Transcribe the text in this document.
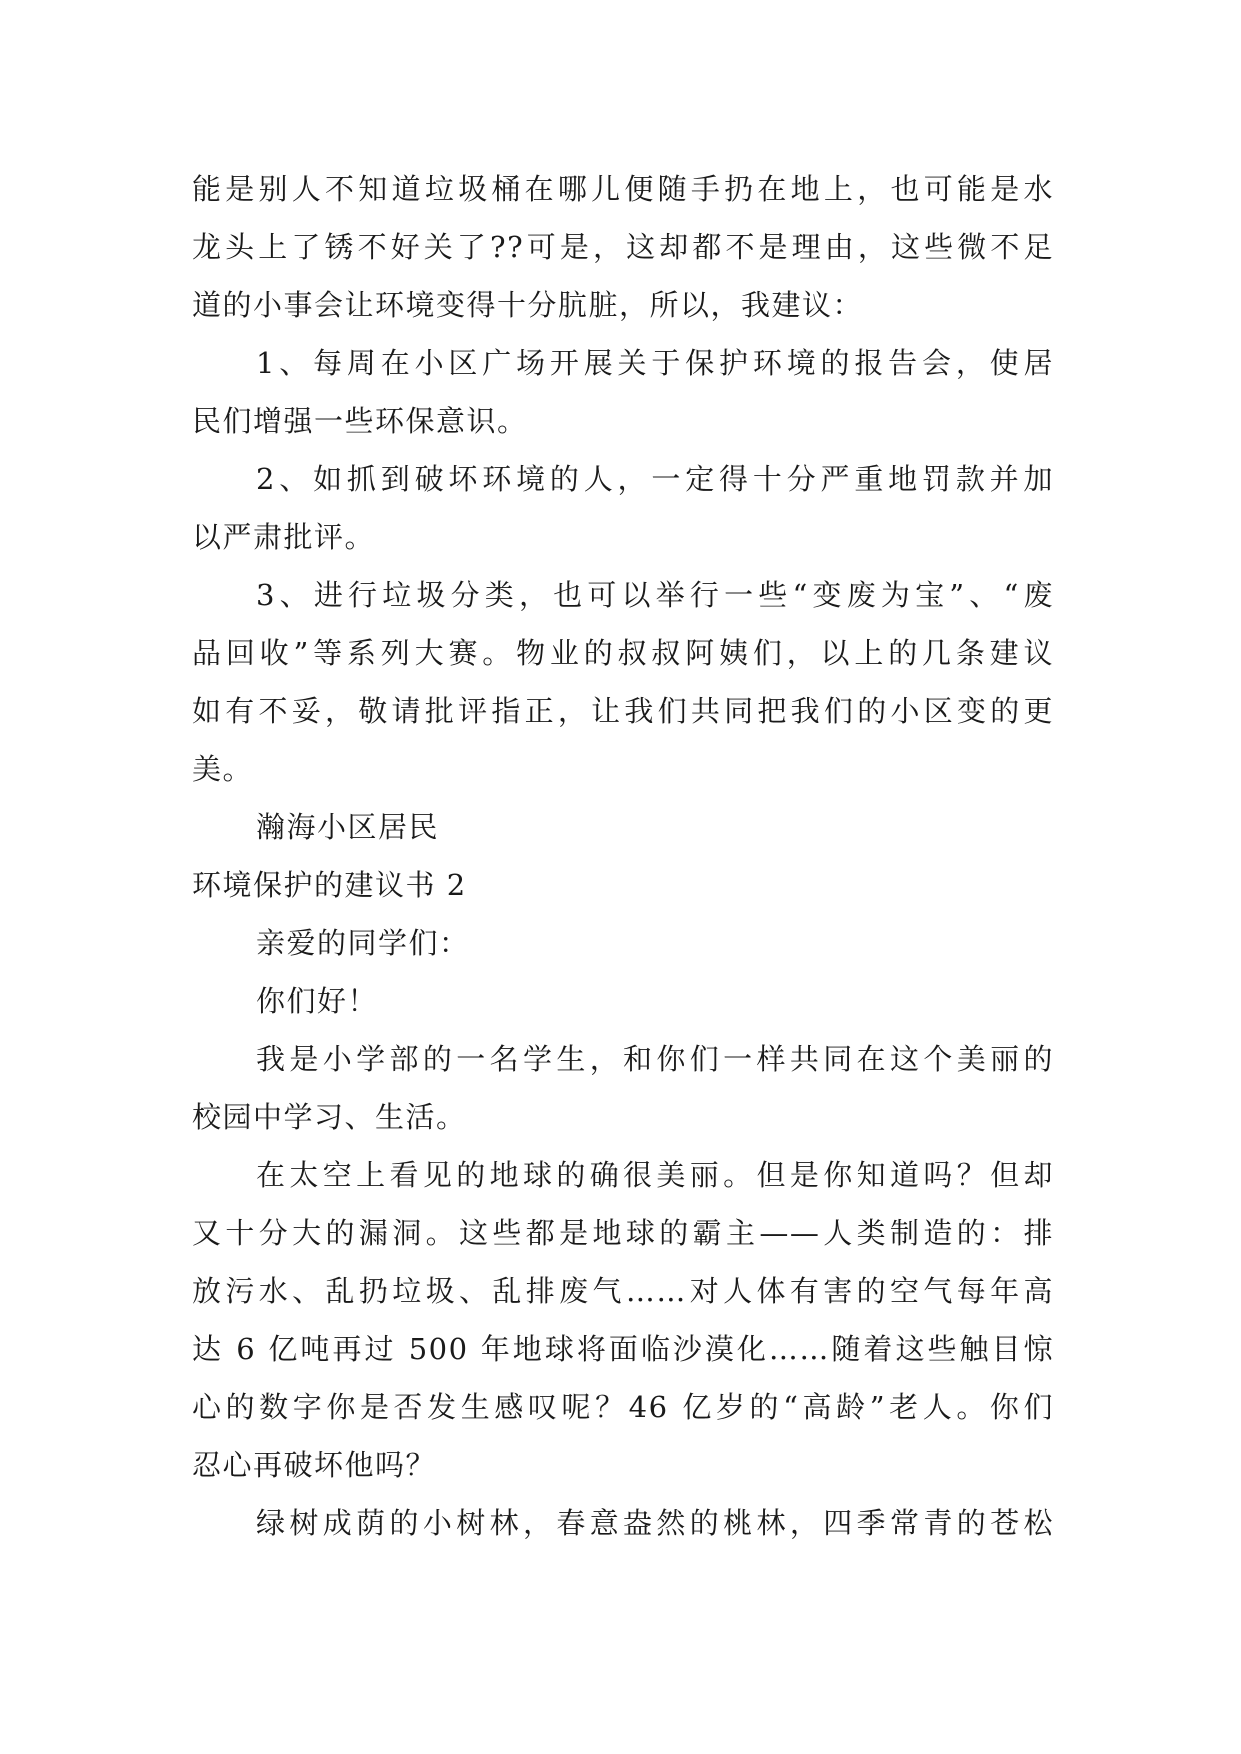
能是别人不知道垃圾桶在哪儿便随手扔在地上，也可能是水
龙头上了锈不好关了??可是，这却都不是理由，这些微不足
道的小事会让环境变得十分肮脏，所以，我建议：

1、每周在小区广场开展关于保护环境的报告会，使居
民们增强一些环保意识。

2、如抓到破坏环境的人，一定得十分严重地罚款并加
以严肃批评。

3、进行垃圾分类，也可以举行一些“变废为宝”、“废
品回收”等系列大赛。物业的叔叔阿姨们，以上的几条建议
如有不妥，敬请批评指正，让我们共同把我们的小区变的更
美。

瀚海小区居民

环境保护的建议书 2

亲爱的同学们：

你们好！

我是小学部的一名学生，和你们一样共同在这个美丽的
校园中学习、生活。

在太空上看见的地球的确很美丽。但是你知道吗？但却
又十分大的漏洞。这些都是地球的霸主——人类制造的：排
放污水、乱扔垃圾、乱排废气……对人体有害的空气每年高
达 6 亿吨再过 500 年地球将面临沙漠化……随着这些触目惊
心的数字你是否发生感叹呢？46 亿岁的“高龄”老人。你们
忍心再破坏他吗？

绿树成荫的小树林，春意盎然的桃林，四季常青的苍松
